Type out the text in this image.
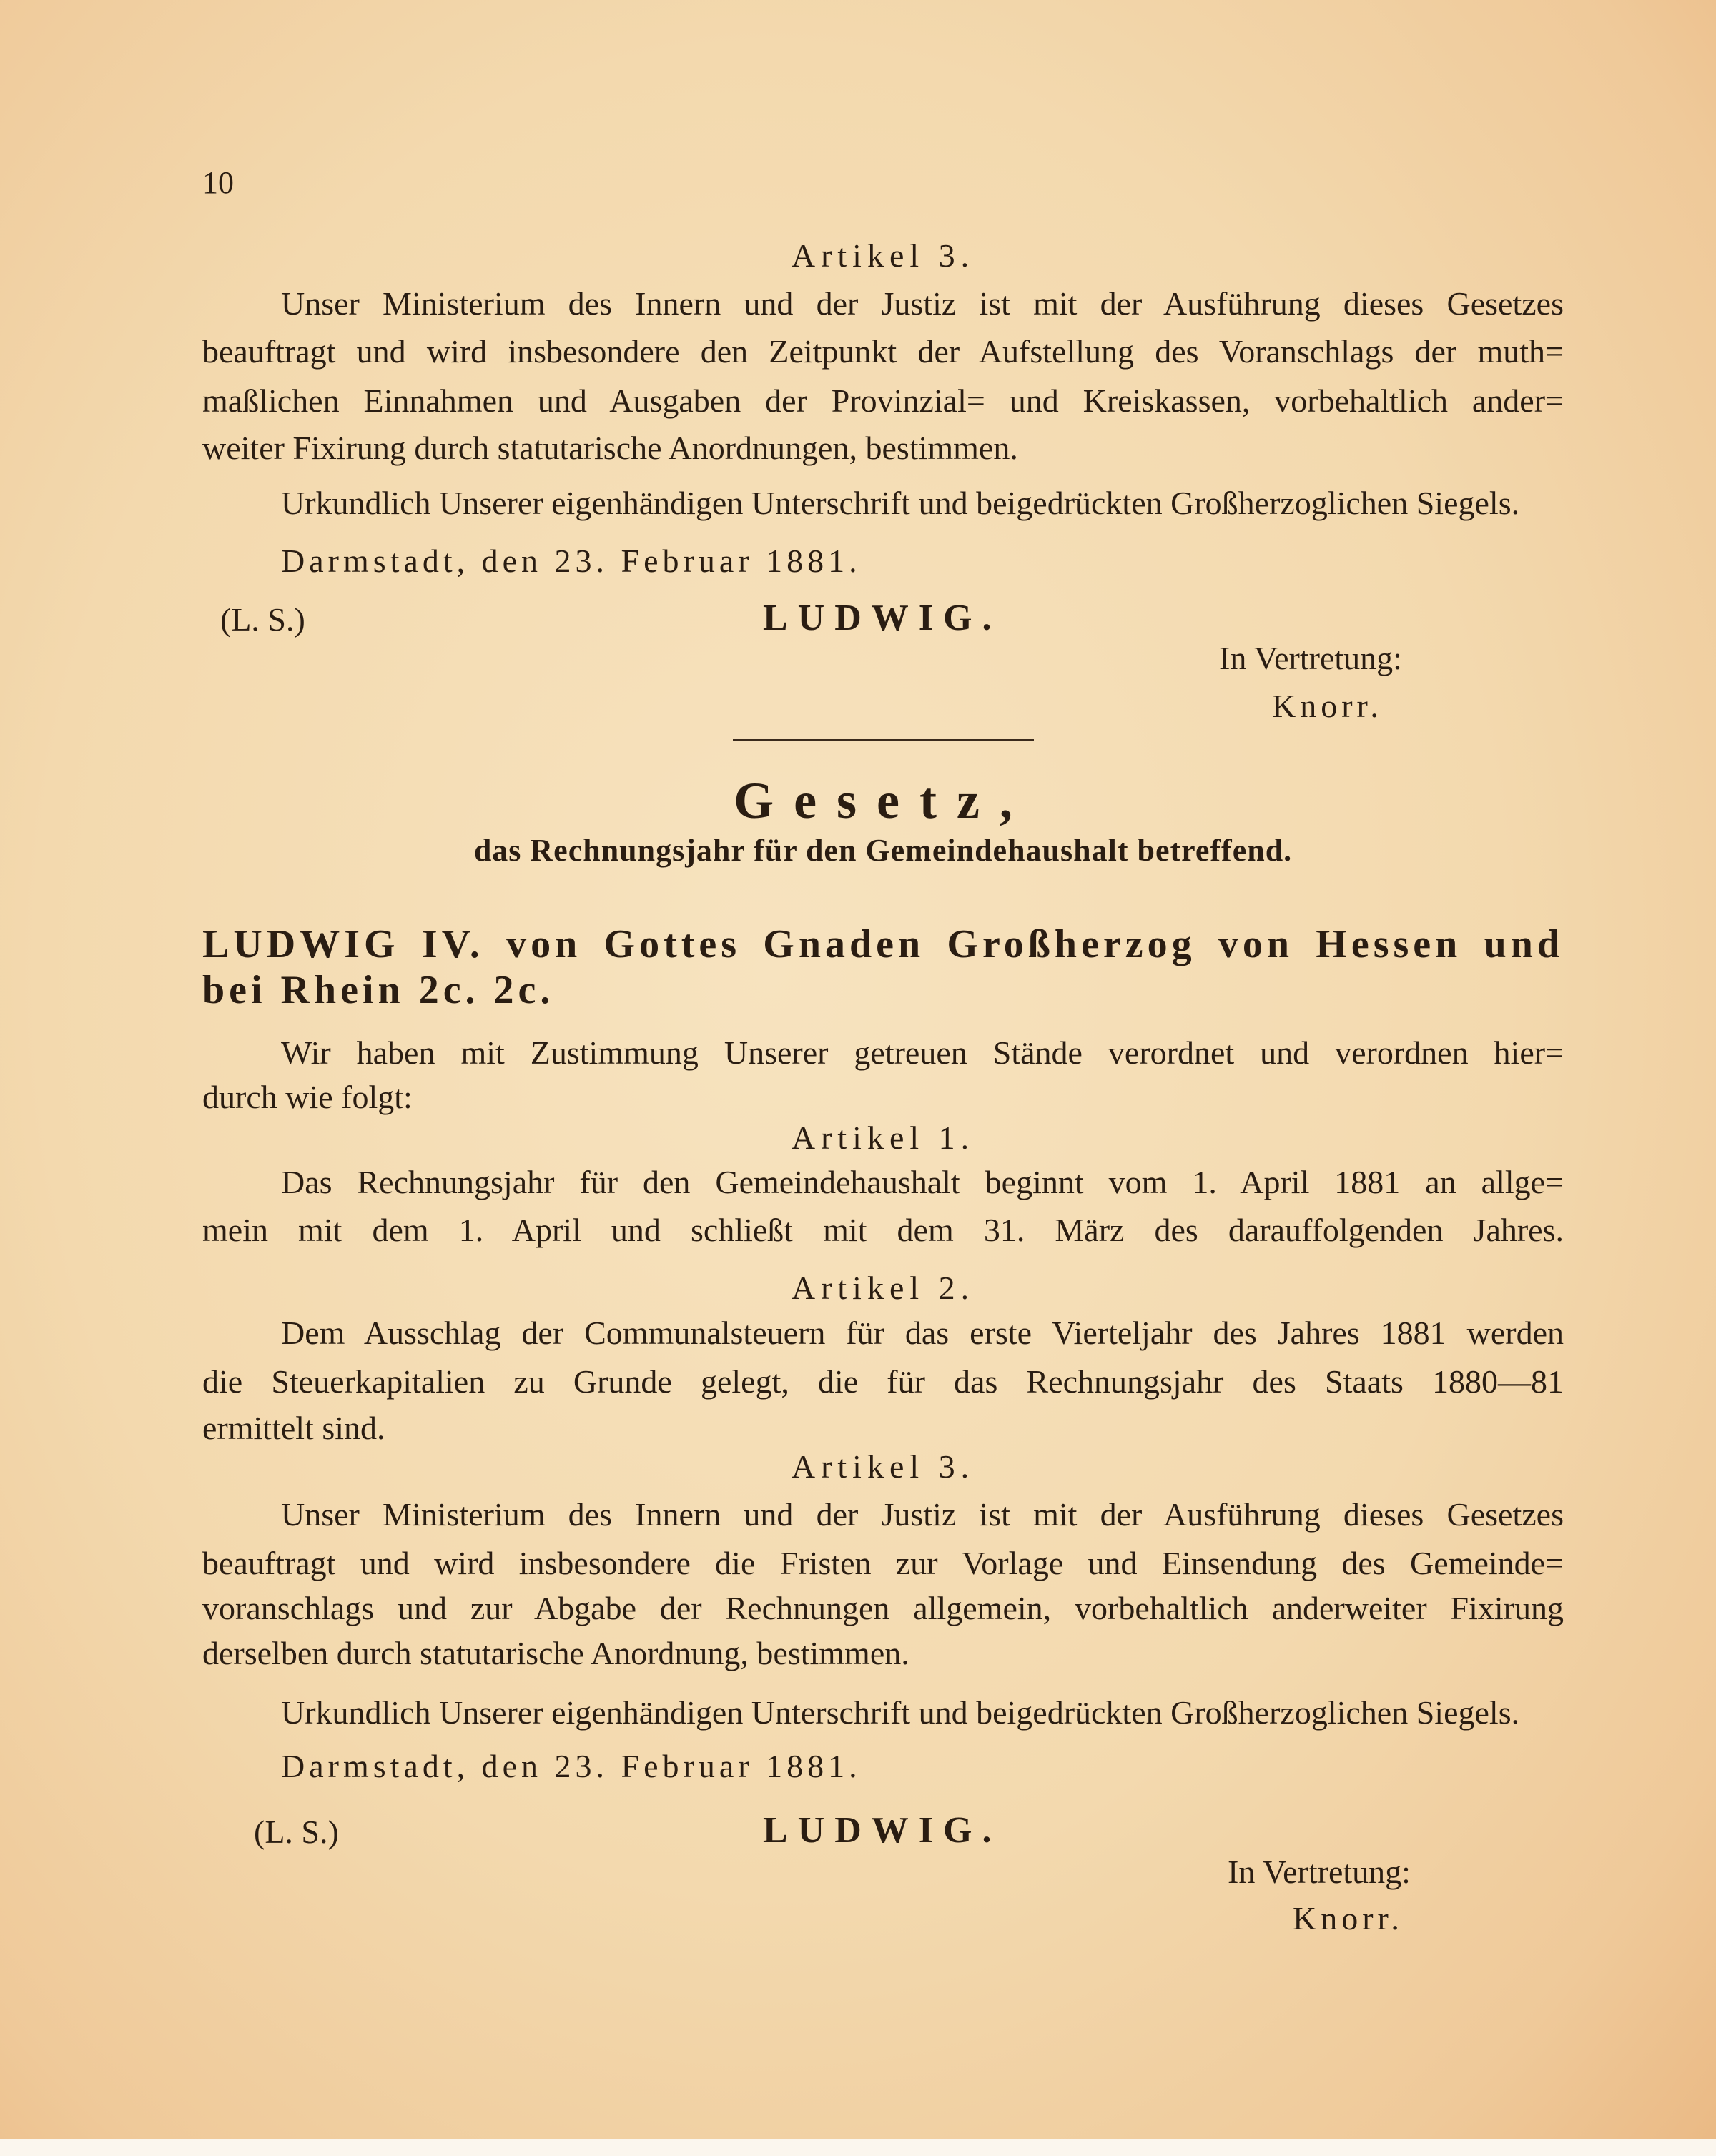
10
Artikel 3.
Unser Ministerium des Innern und der Justiz ist mit der Ausführung dieses Gesetzes
beauftragt und wird insbesondere den Zeitpunkt der Aufstellung des Voranschlags der muth=
maßlichen Einnahmen und Ausgaben der Provinzial= und Kreiskassen, vorbehaltlich ander=
weiter Fixirung durch statutarische Anordnungen, bestimmen.
Urkundlich Unserer eigenhändigen Unterschrift und beigedrückten Großherzoglichen Siegels.
Darmstadt, den 23. Februar 1881.
(L. S.)	LUDWIG.
In Vertretung:
Knorr.
Gesetz,
das Rechnungsjahr für den Gemeindehaushalt betreffend.
LUDWIG IV. von Gottes Gnaden Großherzog von Hessen und
bei Rhein 2c. 2c.
Wir haben mit Zustimmung Unserer getreuen Stände verordnet und verordnen hier=
durch wie folgt:
Artikel 1.
Das Rechnungsjahr für den Gemeindehaushalt beginnt vom 1. April 1881 an allge=
mein mit dem 1. April und schließt mit dem 31. März des darauffolgenden Jahres.
Artikel 2.
Dem Ausschlag der Communalsteuern für das erste Vierteljahr des Jahres 1881 werden
die Steuerkapitalien zu Grunde gelegt, die für das Rechnungsjahr des Staats 1880—81
ermittelt sind.
Artikel 3.
Unser Ministerium des Innern und der Justiz ist mit der Ausführung dieses Gesetzes
beauftragt und wird insbesondere die Fristen zur Vorlage und Einsendung des Gemeinde=
voranschlags und zur Abgabe der Rechnungen allgemein, vorbehaltlich anderweiter Fixirung
derselben durch statutarische Anordnung, bestimmen.
Urkundlich Unserer eigenhändigen Unterschrift und beigedrückten Großherzoglichen Siegels.
Darmstadt, den 23. Februar 1881.
(L. S.)	LUDWIG.
In Vertretung:
Knorr.
